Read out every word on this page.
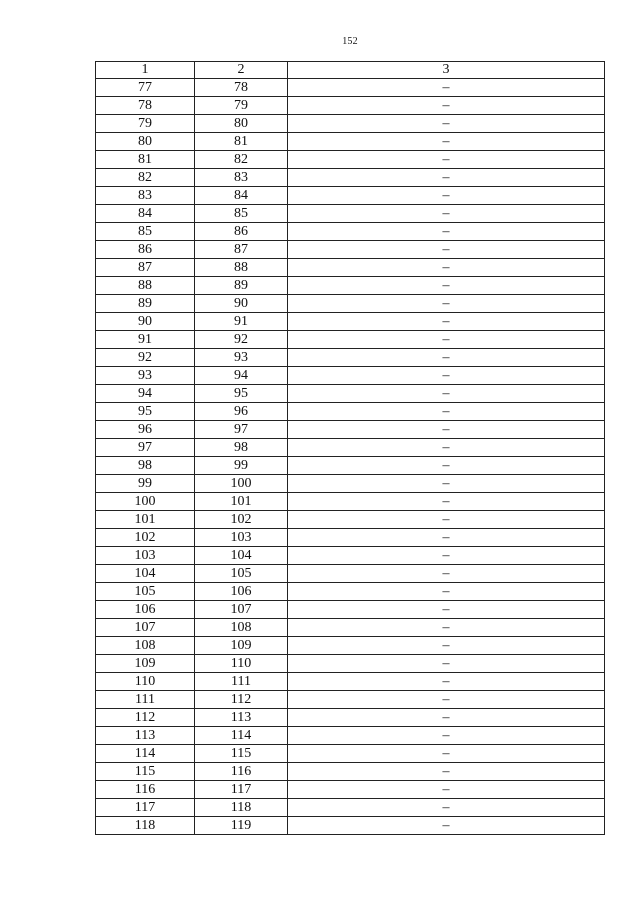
152
1	2	3
77	78	–
78	79	–
79	80	–
80	81	–
81	82	–
82	83	–
83	84	–
84	85	–
85	86	–
86	87	–
87	88	–
88	89	–
89	90	–
90	91	–
91	92	–
92	93	–
93	94	–
94	95	–
95	96	–
96	97	–
97	98	–
98	99	–
99	100	–
100	101	–
101	102	–
102	103	–
103	104	–
104	105	–
105	106	–
106	107	–
107	108	–
108	109	–
109	110	–
110	111	–
111	112	–
112	113	–
113	114	–
114	115	–
115	116	–
116	117	–
117	118	–
118	119	–
